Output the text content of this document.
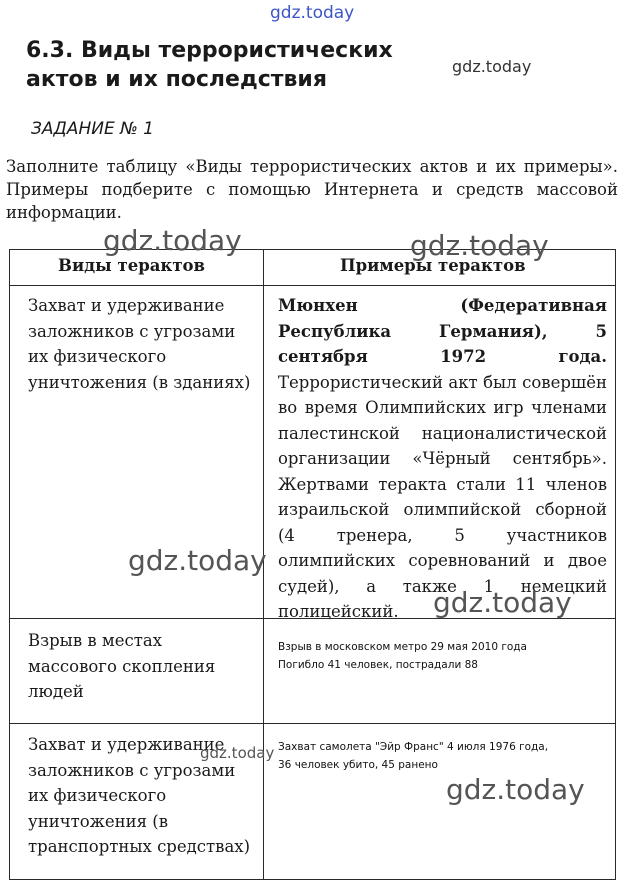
gdz.today
6.3. Виды террористических актов и их последствия
gdz.today
ЗАДАНИЕ № 1
Заполните таблицу «Виды террористических актов и их примеры». Примеры подберите с помощью Интернета и средств массовой информации.
Виды терактов	Примеры терактов
Захват и удерживание заложников с угрозами их физического уничтожения (в зданиях)
Мюнхен (Федеративная Республика Германия), 5 сентября 1972 года. Террористический акт был совершён во время Олимпийских игр членами палестинской националистической организации «Чёрный сентябрь». Жертвами теракта стали 11 членов израильской олимпийской сборной (4 тренера, 5 участников олимпийских соревнований и двое судей), а также 1 немецкий полицейский.
Взрыв в местах массового скопления людей
Взрыв в московском метро 29 мая 2010 года
Погибло 41 человек, пострадали 88
Захват и удерживание заложников с угрозами их физического уничтожения (в транспортных средствах)
Захват самолета "Эйр Франс" 4 июля 1976 года,
36 человек убито, 45 ранено
gdz.today	gdz.today
gdz.today
gdz.today
gdz.today
gdz.today
